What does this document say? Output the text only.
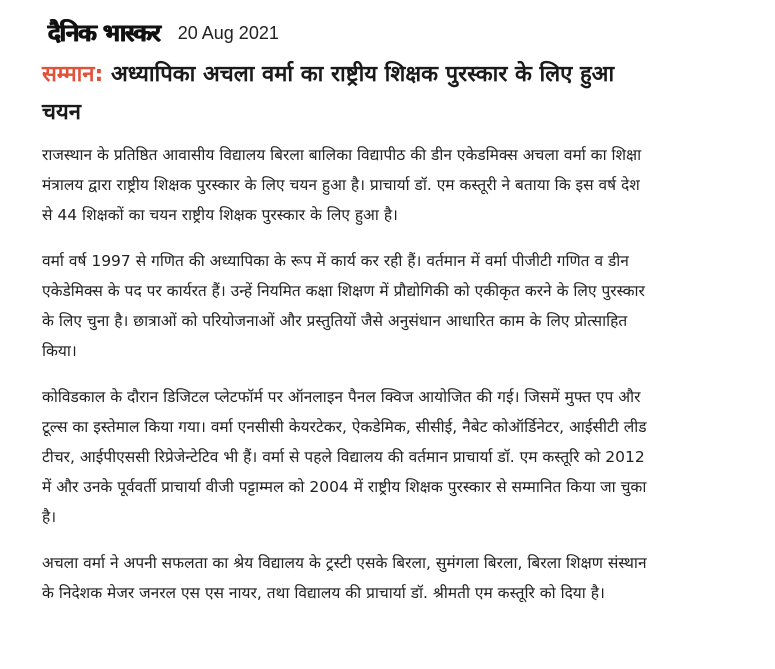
दैनिक भास्कर 20 Aug 2021
सम्मान: अध्यापिका अचला वर्मा का राष्ट्रीय शिक्षक पुरस्कार के लिए हुआ चयन

राजस्थान के प्रतिष्ठित आवासीय विद्यालय बिरला बालिका विद्यापीठ की डीन एकेडमिक्स अचला वर्मा का शिक्षा मंत्रालय द्वारा राष्ट्रीय शिक्षक पुरस्कार के लिए चयन हुआ है। प्राचार्या डॉ. एम कस्तूरी ने बताया कि इस वर्ष देश से 44 शिक्षकों का चयन राष्ट्रीय शिक्षक पुरस्कार के लिए हुआ है।

वर्मा वर्ष 1997 से गणित की अध्यापिका के रूप में कार्य कर रही हैं। वर्तमान में वर्मा पीजीटी गणित व डीन एकेडेमिक्स के पद पर कार्यरत हैं। उन्हें नियमित कक्षा शिक्षण में प्रौद्योगिकी को एकीकृत करने के लिए पुरस्कार के लिए चुना है। छात्राओं को परियोजनाओं और प्रस्तुतियों जैसे अनुसंधान आधारित काम के लिए प्रोत्साहित किया।

कोविडकाल के दौरान डिजिटल प्लेटफॉर्म पर ऑनलाइन पैनल क्विज आयोजित की गई। जिसमें मुफ्त एप और टूल्स का इस्तेमाल किया गया। वर्मा एनसीसी केयरटेकर, ऐकडेमिक, सीसीई, नैबेट कोऑर्डिनेटर, आईसीटी लीड टीचर, आईपीएससी रिप्रेजेन्टेटिव भी हैं। वर्मा से पहले विद्यालय की वर्तमान प्राचार्या डॉ. एम कस्तूरि को 2012 में और उनके पूर्ववर्ती प्राचार्या वीजी पट्टाम्मल को 2004 में राष्ट्रीय शिक्षक पुरस्कार से सम्मानित किया जा चुका है।

अचला वर्मा ने अपनी सफलता का श्रेय विद्यालय के ट्रस्टी एसके बिरला, सुमंगला बिरला, बिरला शिक्षण संस्थान के निदेशक मेजर जनरल एस एस नायर, तथा विद्यालय की प्राचार्या डॉ. श्रीमती एम कस्तूरि को दिया है।
